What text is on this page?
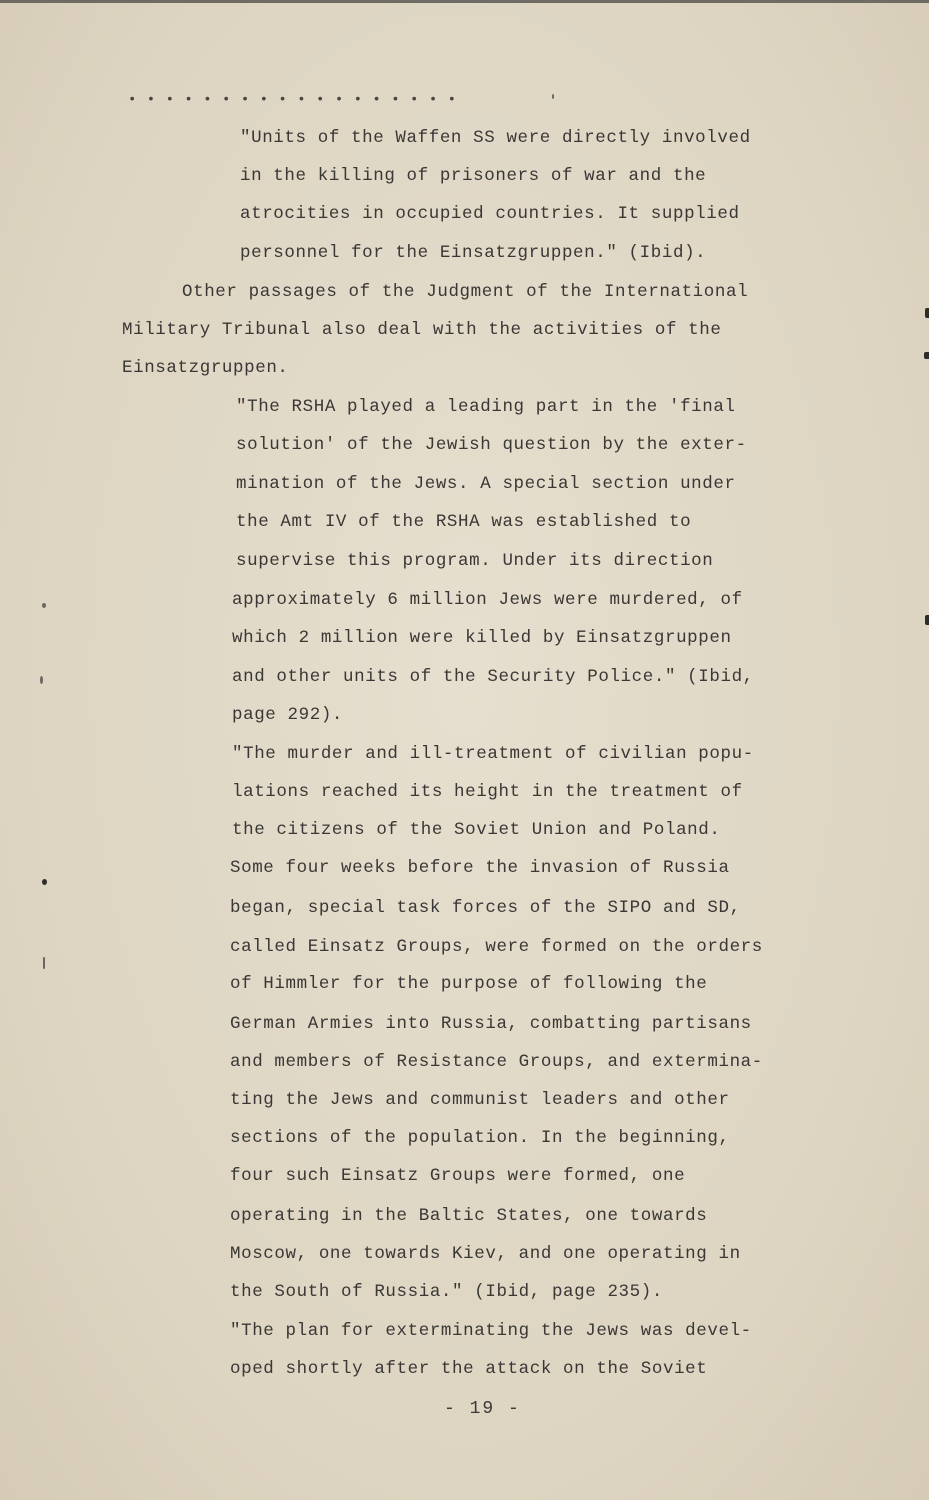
• • • • • • • • • • • • • • • • • •
"Units of the Waffen SS were directly involved
in the killing of prisoners of war and the
atrocities in occupied countries. It supplied
personnel for the Einsatzgruppen." (Ibid).
Other passages of the Judgment of the International
Military Tribunal also deal with the activities of the
Einsatzgruppen.
"The RSHA played a leading part in the 'final
solution' of the Jewish question by the exter-
mination of the Jews. A special section under
the Amt IV of the RSHA was established to
supervise this program. Under its direction
approximately 6 million Jews were murdered, of
which 2 million were killed by Einsatzgruppen
and other units of the Security Police." (Ibid,
page 292).
"The murder and ill-treatment of civilian popu-
lations reached its height in the treatment of
the citizens of the Soviet Union and Poland.
Some four weeks before the invasion of Russia
began, special task forces of the SIPO and SD,
called Einsatz Groups, were formed on the orders
of Himmler for the purpose of following the
German Armies into Russia, combatting partisans
and members of Resistance Groups, and extermina-
ting the Jews and communist leaders and other
sections of the population. In the beginning,
four such Einsatz Groups were formed, one
operating in the Baltic States, one towards
Moscow, one towards Kiev, and one operating in
the South of Russia." (Ibid, page 235).
"The plan for exterminating the Jews was devel-
oped shortly after the attack on the Soviet
- 19 -
